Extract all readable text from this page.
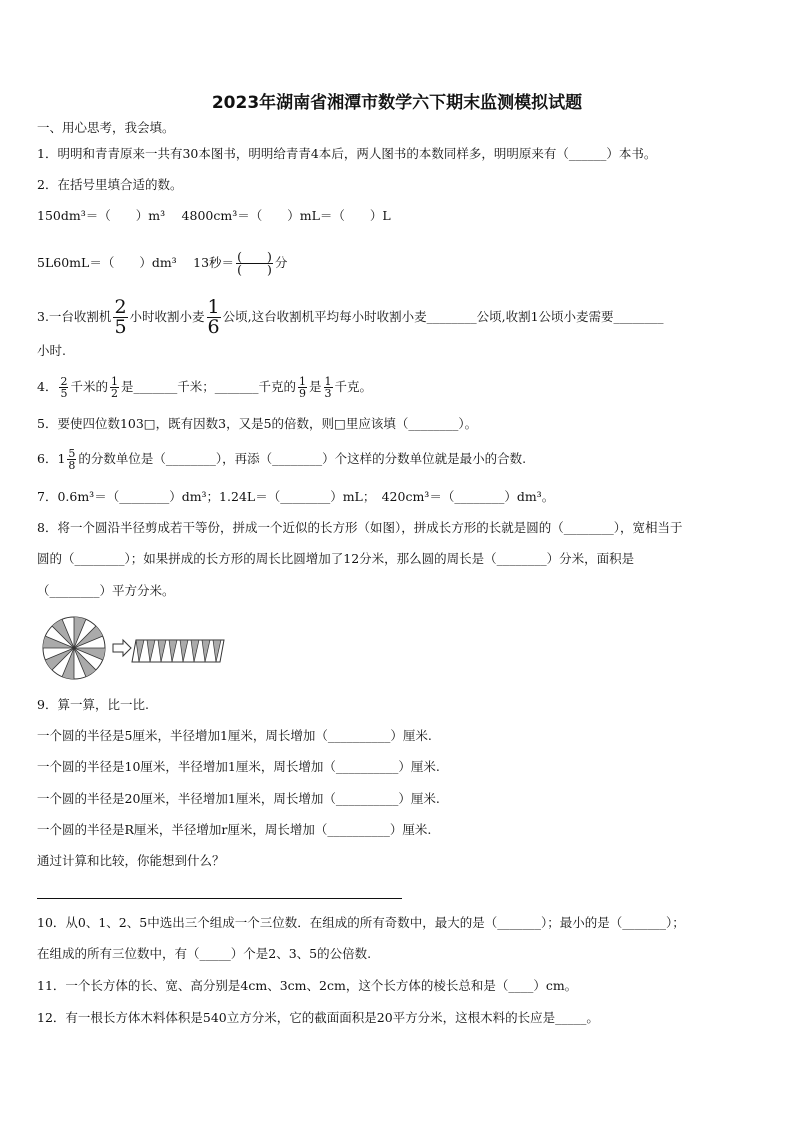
2023年湖南省湘潭市数学六下期末监测模拟试题
一、用心思考，我会填。
1．明明和青青原来一共有30本图书，明明给青青4本后，两人图书的本数同样多，明明原来有（______）本书。
2．在括号里填合适的数。
150dm³＝（　　）m³　 4800cm³＝（　　）mL＝（　　）L
5L60mL＝（　　）dm³　 13秒＝ $\frac{( )}{( )}$ 分
3.一台收割机 $\frac{2}{5}$ 小时收割小麦 $\frac{1}{6}$ 公顷,这台收割机平均每小时收割小麦________公顷,收割1公顷小麦需要________
小时.
4． $\frac{2}{5}$ 千米的 $\frac{1}{2}$ 是_______千米；_______千克的 $\frac{1}{9}$ 是 $\frac{1}{3}$ 千克。
5．要使四位数103□，既有因数3，又是5的倍数，则□里应该填（________）。
6．$1 \frac{5}{8}$ 的分数单位是（________），再添（________）个这样的分数单位就是最小的合数.
7．0.6m³＝（________）dm³；1.24L＝（________）mL；　420cm³＝（________）dm³。
8．将一个圆沿半径剪成若干等份，拼成一个近似的长方形（如图），拼成长方形的长就是圆的（________），宽相当于
圆的（________）；如果拼成的长方形的周长比圆增加了12分米，那么圆的周长是（________）分米，面积是
（________）平方分米。
9．算一算，比一比.
一个圆的半径是5厘米，半径增加1厘米，周长增加（__________）厘米.
一个圆的半径是10厘米，半径增加1厘米，周长增加（__________）厘米.
一个圆的半径是20厘米，半径增加1厘米，周长增加（__________）厘米.
一个圆的半径是R厘米，半径增加r厘米，周长增加（__________）厘米.
通过计算和比较，你能想到什么？
10．从0、1、2、5中选出三个组成一个三位数．在组成的所有奇数中，最大的是（_______）；最小的是（_______）；
在组成的所有三位数中，有（_____）个是2、3、5的公倍数.
11．一个长方体的长、宽、高分别是4cm、3cm、2cm，这个长方体的棱长总和是（____）cm。
12．有一根长方体木料体积是540立方分米，它的截面面积是20平方分米，这根木料的长应是_____。
